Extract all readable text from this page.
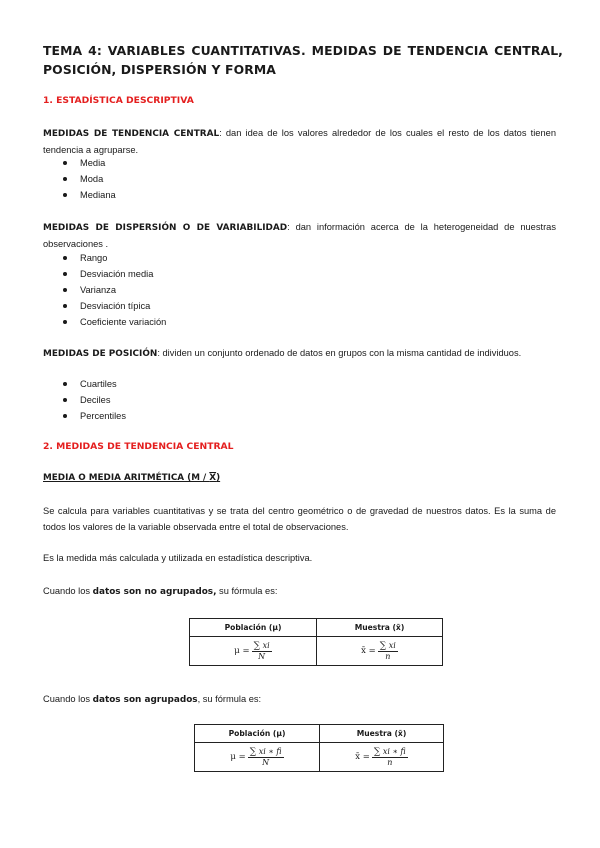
TEMA 4: VARIABLES CUANTITATIVAS. MEDIDAS DE TENDENCIA CENTRAL, POSICIÓN, DISPERSIÓN Y FORMA
1. ESTADÍSTICA DESCRIPTIVA
MEDIDAS DE TENDENCIA CENTRAL: dan idea de los valores alrededor de los cuales el resto de los datos tienen tendencia a agruparse.
Media
Moda
Mediana
MEDIDAS DE DISPERSIÓN O DE VARIABILIDAD: dan información acerca de la heterogeneidad de nuestras observaciones .
Rango
Desviación media
Varianza
Desviación típica
Coeficiente variación
MEDIDAS DE POSICIÓN: dividen un conjunto ordenado de datos en grupos con la misma cantidad de individuos.
Cuartiles
Deciles
Percentiles
2. MEDIDAS DE TENDENCIA CENTRAL
MEDIA O MEDIA ARITMÉTICA (M / X)
Se calcula para variables cuantitativas y se trata del centro geométrico o de gravedad de nuestros datos. Es la suma de todos los valores de la variable observada entre el total de observaciones.
Es la medida más calculada y utilizada en estadística descriptiva.
Cuando los datos son no agrupados, su fórmula es:
Población (μ)	Muestra (x̄)
$\mu = \frac{\sum xi}{N}$	x̄ = $\frac{\sum xi}{n}$
Cuando los datos son agrupados, su fórmula es:
Población (μ)	Muestra (x̄)
$\mu = \frac{\sum xi ∗ fi}{N}$	x̄ = $\frac{\sum xi ∗ fi}{n}$
